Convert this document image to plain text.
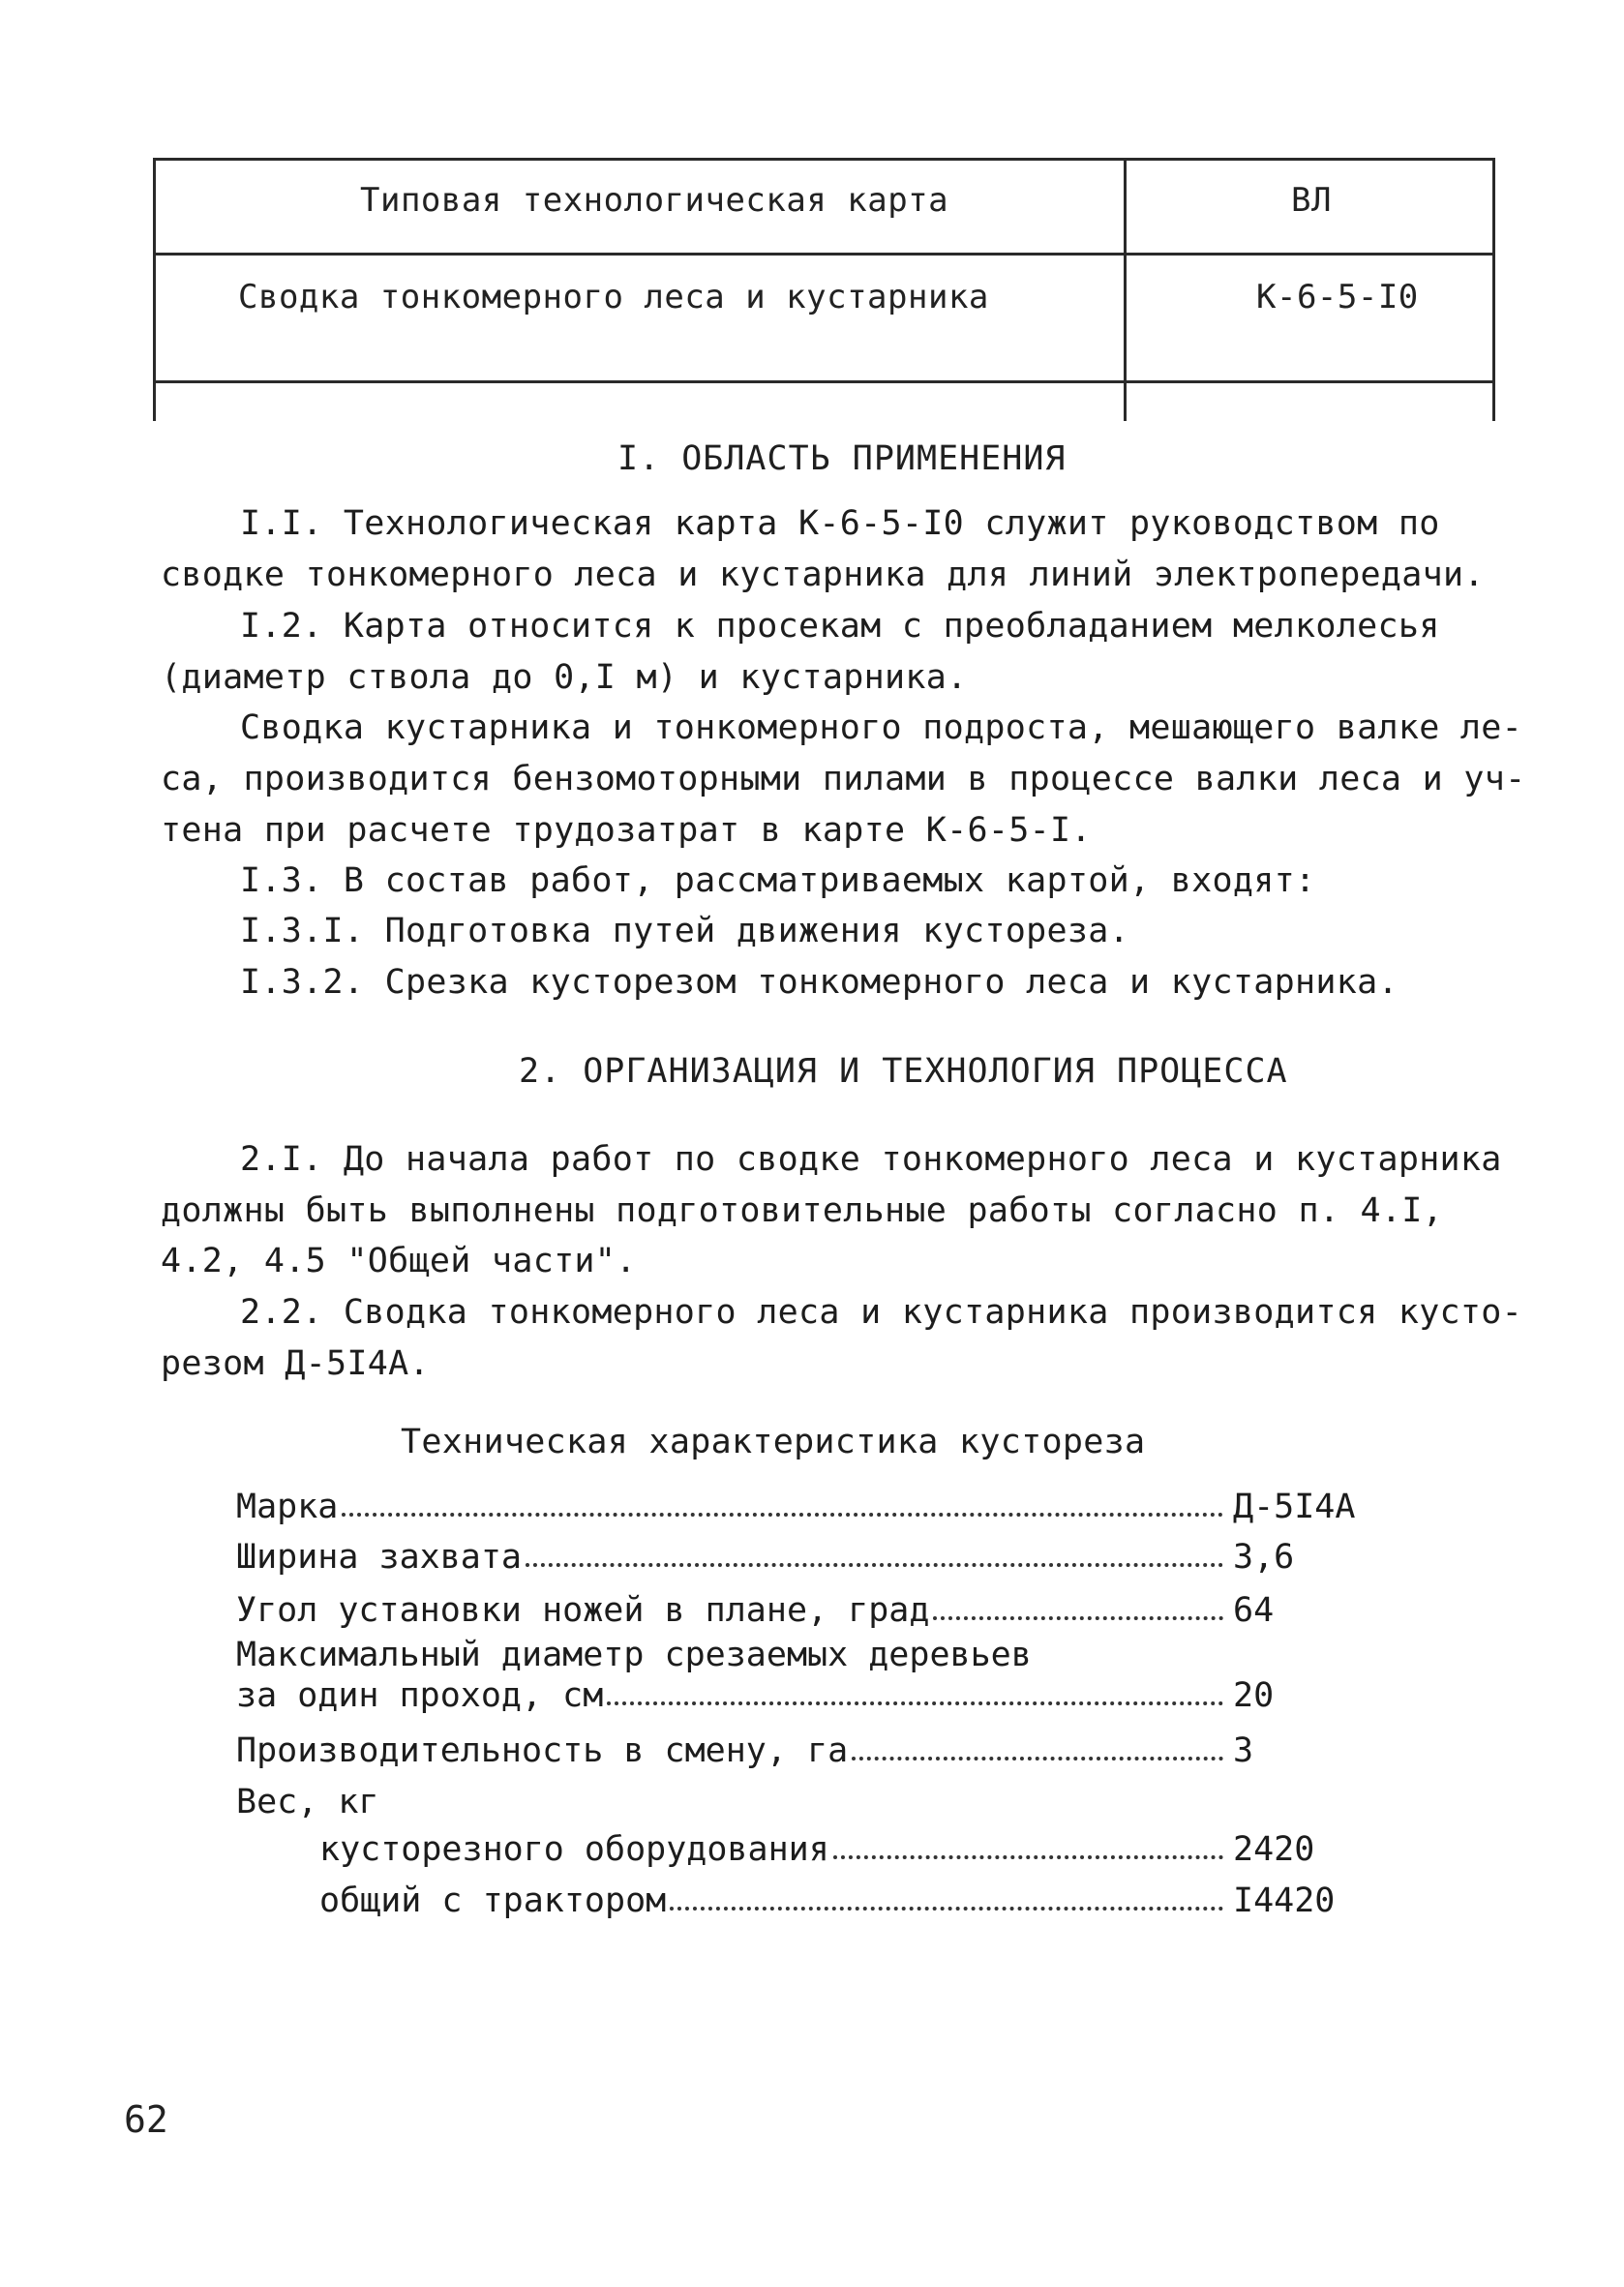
Типовая технологическая карта	ВЛ
Сводка тонкомерного леса и кустарника	К-6-5-I0
I. ОБЛАСТЬ ПРИМЕНЕНИЯ
I.I. Технологическая карта К-6-5-I0 служит руководством по
сводке тонкомерного леса и кустарника для линий электропередачи.
I.2. Карта относится к просекам с преобладанием мелколесья
(диаметр ствола до 0,I м) и кустарника.
Сводка кустарника и тонкомерного подроста, мешающего валке ле-
са, производится бензомоторными пилами в процессе валки леса и уч-
тена при расчете трудозатрат в карте К-6-5-I.
I.3. В состав работ, рассматриваемых картой, входят:
I.3.I. Подготовка путей движения кустореза.
I.3.2. Срезка кусторезом тонкомерного леса и кустарника.
2. ОРГАНИЗАЦИЯ И ТЕХНОЛОГИЯ ПРОЦЕССА
2.I. До начала работ по сводке тонкомерного леса и кустарника
должны быть выполнены подготовительные работы согласно п. 4.I,
4.2, 4.5 "Общей части".
2.2. Сводка тонкомерного леса и кустарника производится кусто-
резом Д-5I4А.
Техническая характеристика кустореза
Марка	Д-5I4А
Ширина захвата	3,6
Угол установки ножей в плане, град	64
Максимальный диаметр срезаемых деревьев
за один проход, см	20
Производительность в смену, га	3
Вес, кг
кусторезного оборудования	2420
общий с трактором	I4420
62
